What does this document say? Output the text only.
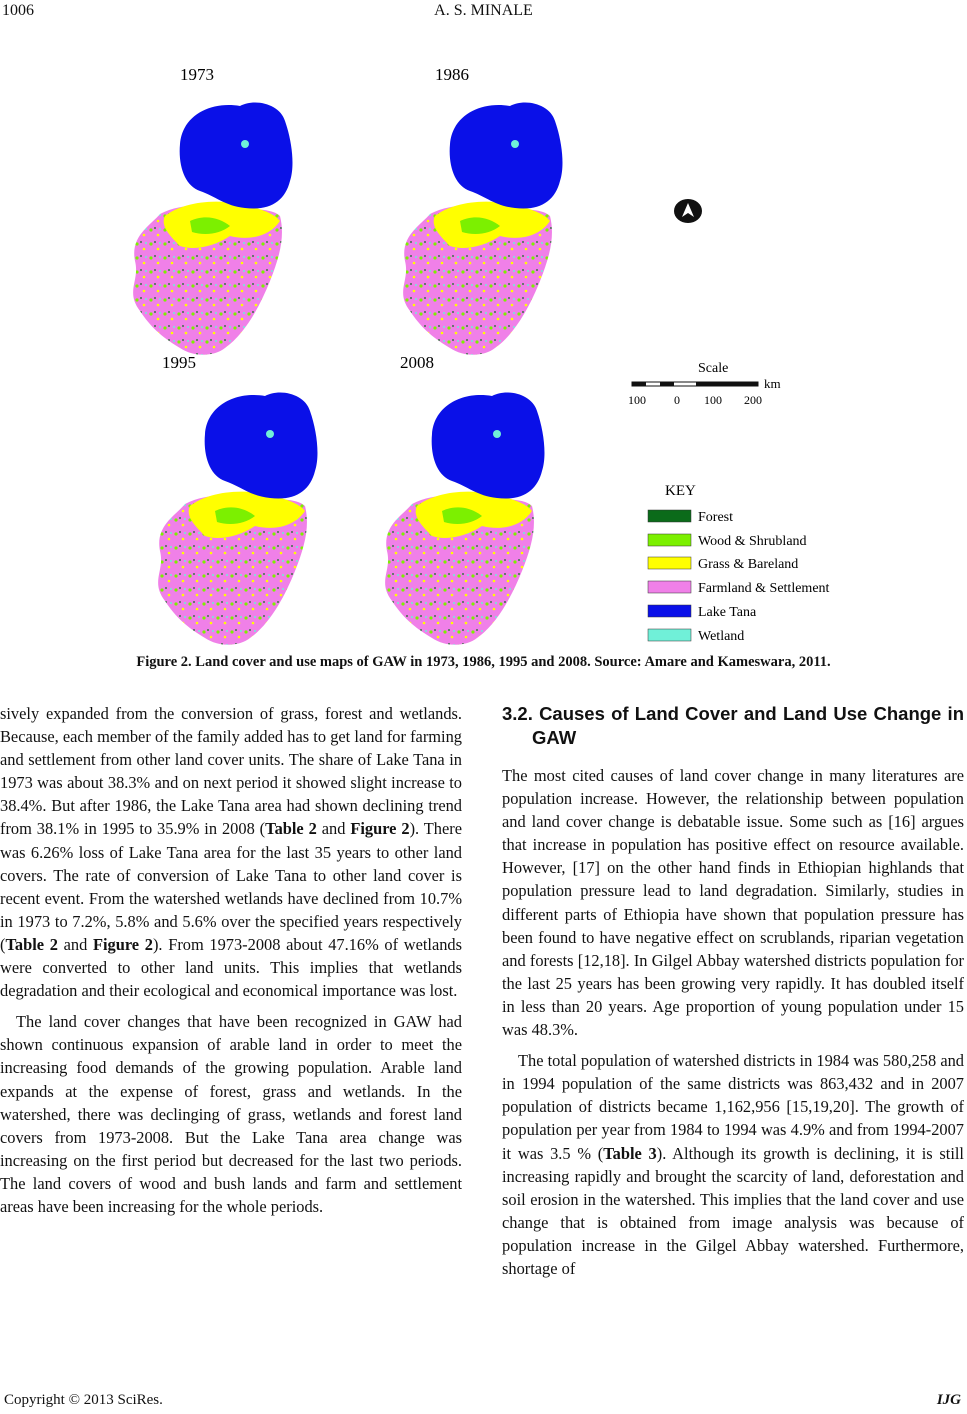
1006	A. S. MINALE
1973	1986
1995	2008	Scale
km
100 0 100 200
KEY
Forest
Wood & Shrubland
Grass & Bareland
Farmland & Settlement
Lake Tana
Wetland
Figure 2. Land cover and use maps of GAW in 1973, 1986, 1995 and 2008. Source: Amare and Kameswara, 2011.

sively expanded from the conversion of grass, forest and wetlands. Because, each member of the family added has to get land for farming and settlement from other land cover units. The share of Lake Tana in 1973 was about 38.3% and on next period it showed slight increase to 38.4%. But after 1986, the Lake Tana area had shown declining trend from 38.1% in 1995 to 35.9% in 2008 (Table 2 and Figure 2). There was 6.26% loss of Lake Tana area for the last 35 years to other land covers. The rate of conversion of Lake Tana to other land cover is recent event. From the watershed wetlands have declined from 10.7% in 1973 to 7.2%, 5.8% and 5.6% over the specified years respectively (Table 2 and Figure 2). From 1973-2008 about 47.16% of wetlands were converted to other land units. This implies that wetlands degradation and their ecological and economical importance was lost.

The land cover changes that have been recognized in GAW had shown continuous expansion of arable land in order to meet the increasing food demands of the growing population. Arable land expands at the expense of forest, grass and wetlands. In the watershed, there was declinging of grass, wetlands and forest land covers from 1973-2008. But the Lake Tana area change was increasing on the first period but decreased for the last two periods. The land covers of wood and bush lands and farm and settlement areas have been increasing for the whole periods.

3.2. Causes of Land Cover and Land Use Change in GAW

The most cited causes of land cover change in many literatures are population increase. However, the relationship between population and land cover change is debatable issue. Some such as [16] argues that increase in population has positive effect on resource available. However, [17] on the other hand finds in Ethiopian highlands that population pressure lead to land degradation. Similarly, studies in different parts of Ethiopia have shown that population pressure has been found to have negative effect on scrublands, riparian vegetation and forests [12,18]. In Gilgel Abbay watershed districts population for the last 25 years has been growing very rapidly. It has doubled itself in less than 20 years. Age proportion of young population under 15 was 48.3%.

The total population of watershed districts in 1984 was 580,258 and in 1994 population of the same districts was 863,432 and in 2007 population of districts became 1,162,956 [15,19,20]. The growth of population per year from 1984 to 1994 was 4.9% and from 1994-2007 it was 3.5 % (Table 3). Although its growth is declining, it is still increasing rapidly and brought the scarcity of land, deforestation and soil erosion in the watershed. This implies that the land cover and use change that is obtained from image analysis was because of population increase in the Gilgel Abbay watershed. Furthermore, shortage of

Copyright © 2013 SciRes.	IJG
